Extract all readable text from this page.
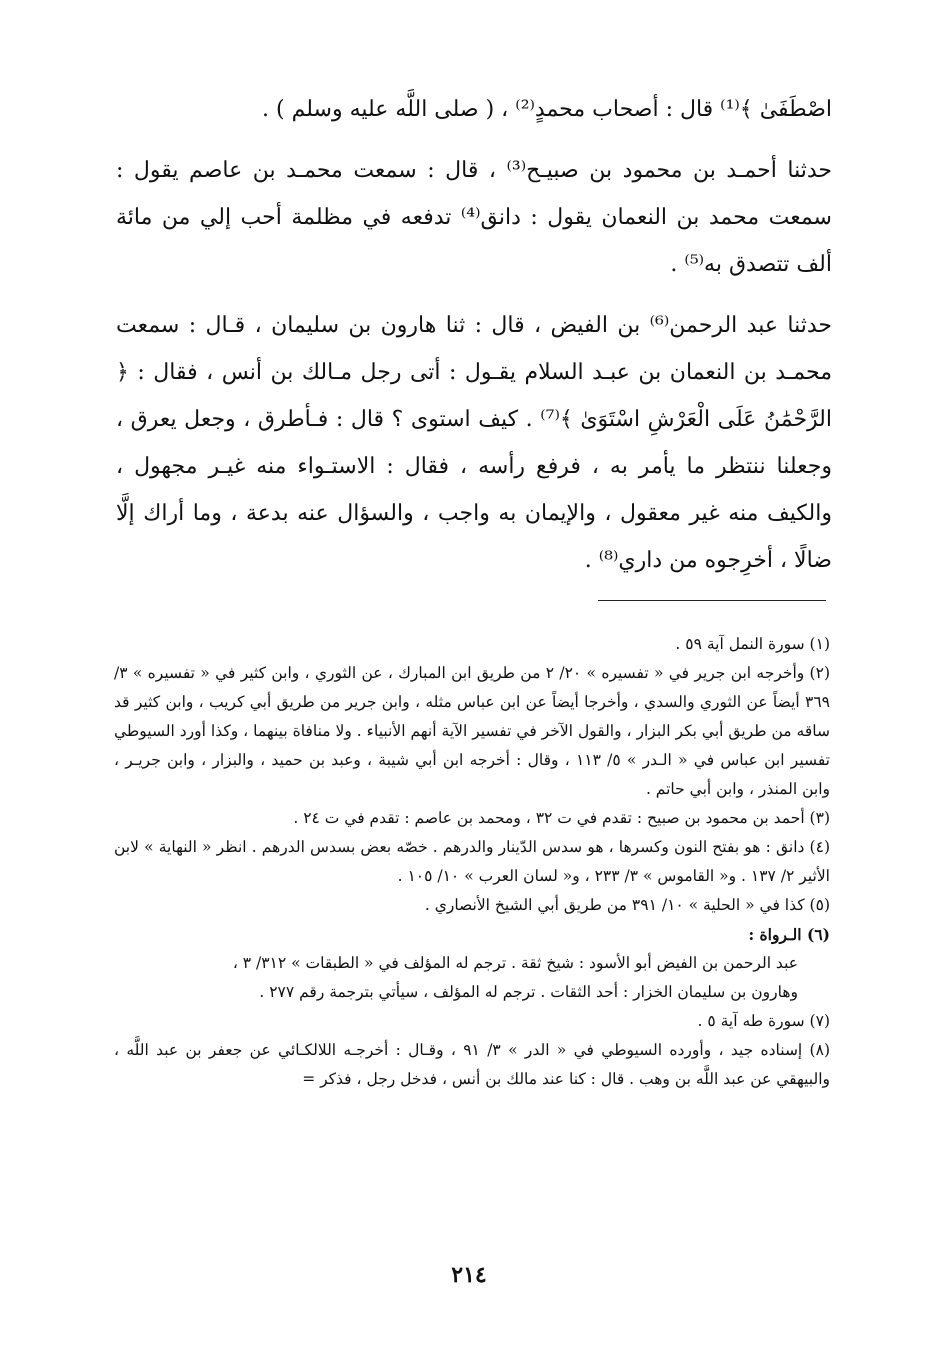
اصْطَفَىٰ ﴾⁽¹⁾ قال : أصحاب محمدٍ⁽²⁾ ، ( صلى اللَّه عليه وسلم ) .

حدثنا أحمـد بن محمود بن صبيـح⁽³⁾ ، قال : سمعت محمـد بن عاصم يقول : سمعت محمد بن النعمان يقول : دانق⁽⁴⁾ تدفعه في مظلمة أحب إلي من مائة ألف تتصدق به⁽⁵⁾ .

حدثنا عبد الرحمن⁽⁶⁾ بن الفيض ، قال : ثنا هارون بن سليمان ، قـال : سمعت محمـد بن النعمان بن عبـد السلام يقـول : أتى رجل مـالك بن أنس ، فقال : ﴿ الرَّحْمَٰنُ عَلَى الْعَرْشِ اسْتَوَىٰ ﴾⁽⁷⁾ . كيف استوى ؟ قال : فـأطرق ، وجعل يعرق ، وجعلنا ننتظر ما يأمر به ، فرفع رأسه ، فقال : الاستـواء منه غيـر مجهول ، والكيف منه غير معقول ، والإيمان به واجب ، والسؤال عنه بدعة ، وما أراك إلَّا ضالًا ، أخرِجوه من داري⁽⁸⁾ .

(١) سورة النمل آية ٥٩ .

(٢) وأخرجه ابن جرير في « تفسيره » ٢٠/ ٢ من طريق ابن المبارك ، عن الثوري ، وابن كثير في « تفسيره » ٣/ ٣٦٩ أيضاً عن الثوري والسدي ، وأخرجا أيضاً عن ابن عباس مثله ، وابن جرير من طريق أبي كريب ، وابن كثير قد ساقه من طريق أبي بكر البزار ، والقول الآخر في تفسير الآية أنهم الأنبياء . ولا منافاة بينهما ، وكذا أورد السيوطي تفسير ابن عباس في « الـدر » ٥/ ١١٣ ، وقال : أخرجه ابن أبي شيبة ، وعبد بن حميد ، والبزار ، وابن جريـر ، وابن المنذر ، وابن أبي حاتم .

(٣) أحمد بن محمود بن صبيح : تقدم في ت ٣٢ ، ومحمد بن عاصم : تقدم في ت ٢٤ .

(٤) دانق : هو بفتح النون وكسرها ، هو سدس الدّينار والدرهم . خصّه بعض بسدس الدرهم . انظر « النهاية » لابن الأثير ٢/ ١٣٧ . و« القاموس » ٣/ ٢٣٣ ، و« لسان العرب » ١٠/ ١٠٥ .

(٥) كذا في « الحلية » ١٠/ ٣٩١ من طريق أبي الشيخ الأنصاري .

(٦) الـرواة :

عبد الرحمن بن الفيض أبو الأسود : شيخ ثقة . ترجم له المؤلف في « الطبقات » ٣١٢/ ٣ ،

وهارون بن سليمان الخزار : أحد الثقات . ترجم له المؤلف ، سيأتي بترجمة رقم ٢٧٧ .

(٧) سورة طه آية ٥ .

(٨) إسناده جيد ، وأورده السيوطي في « الدر » ٣/ ٩١ ، وقـال : أخرجـه اللالكـائي عن جعفر بن عبد اللَّه ، والبيهقي عن عبد اللَّه بن وهب . قال : كنا عند مالك بن أنس ، فدخل رجل ، فذكر =

٢١٤
